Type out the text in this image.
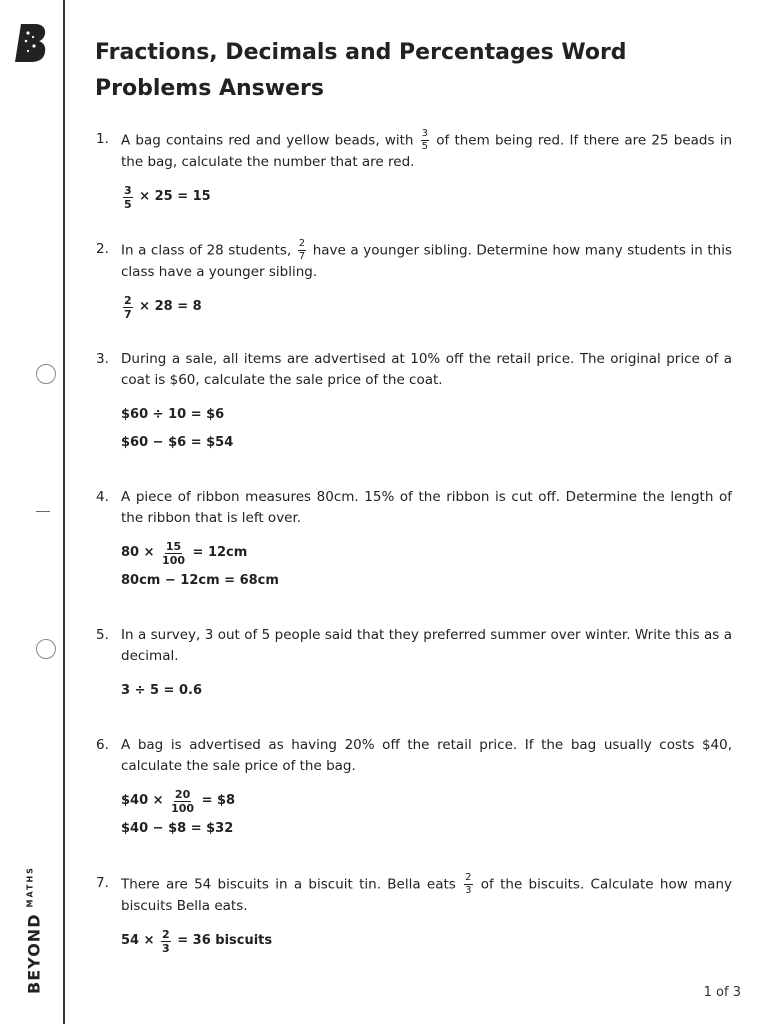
BEYOND
MATHS
Fractions, Decimals and Percentages Word Problems Answers
1. A bag contains red and yellow beads, with $\frac{3}{5}$ of them being red. If there are 25 beads in the bag, calculate the number that are red.
$\frac{3}{5} \times 25 = 15$
2. In a class of 28 students, $\frac{2}{7}$ have a younger sibling. Determine how many students in this class have a younger sibling.
$\frac{2}{7} \times 28 = 8$
3. During a sale, all items are advertised at 10% off the retail price. The original price of a coat is $60, calculate the sale price of the coat.
$60 ÷ 10 = $6
$60 − $6 = $54
4. A piece of ribbon measures 80cm. 15% of the ribbon is cut off. Determine the length of the ribbon that is left over.
$80 \times \frac{15}{100} = 12cm$
80cm − 12cm = 68cm
5. In a survey, 3 out of 5 people said that they preferred summer over winter. Write this as a decimal.
3 ÷ 5 = 0.6
6. A bag is advertised as having 20% off the retail price. If the bag usually costs $40, calculate the sale price of the bag.
$40 × $\frac{20}{100}$ = $8
$40 − $8 = $32
7. There are 54 biscuits in a biscuit tin. Bella eats $\frac{2}{3}$ of the biscuits. Calculate how many biscuits Bella eats.
$54 \times \frac{2}{3} = 36$ biscuits
1 of 3
